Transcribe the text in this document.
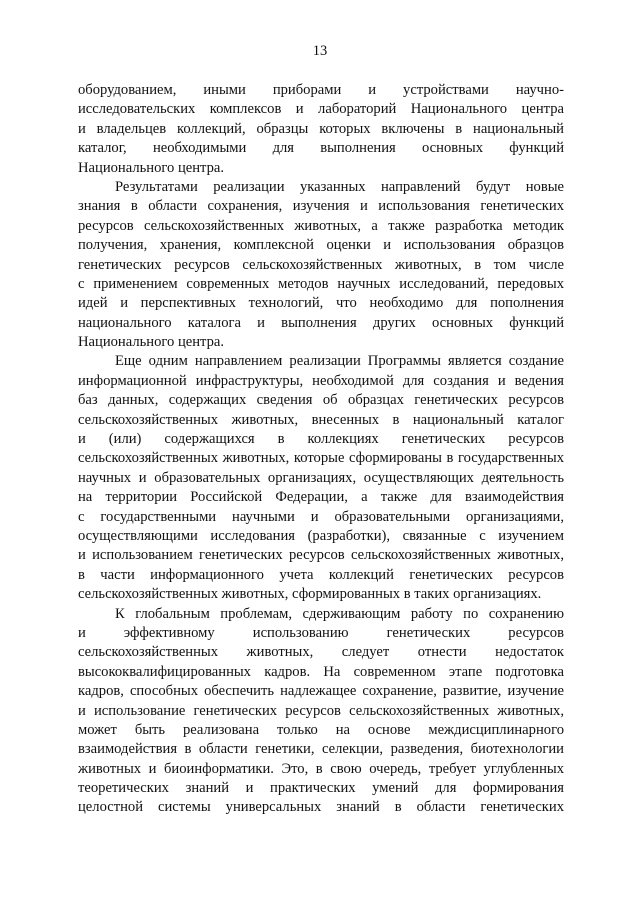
13
оборудованием, иными приборами и устройствами научно-
исследовательских комплексов и лабораторий Национального центра
и владельцев коллекций, образцы которых включены в национальный
каталог, необходимыми для выполнения основных функций
Национального центра.
Результатами реализации указанных направлений будут новые
знания в области сохранения, изучения и использования генетических
ресурсов сельскохозяйственных животных, а также разработка методик
получения, хранения, комплексной оценки и использования образцов
генетических ресурсов сельскохозяйственных животных, в том числе
с применением современных методов научных исследований, передовых
идей и перспективных технологий, что необходимо для пополнения
национального каталога и выполнения других основных функций
Национального центра.
Еще одним направлением реализации Программы является создание
информационной инфраструктуры, необходимой для создания и ведения
баз данных, содержащих сведения об образцах генетических ресурсов
сельскохозяйственных животных, внесенных в национальный каталог
и (или) содержащихся в коллекциях генетических ресурсов
сельскохозяйственных животных, которые сформированы в государственных
научных и образовательных организациях, осуществляющих деятельность
на территории Российской Федерации, а также для взаимодействия
с государственными научными и образовательными организациями,
осуществляющими исследования (разработки), связанные с изучением
и использованием генетических ресурсов сельскохозяйственных животных,
в части информационного учета коллекций генетических ресурсов
сельскохозяйственных животных, сформированных в таких организациях.
К глобальным проблемам, сдерживающим работу по сохранению
и эффективному использованию генетических ресурсов
сельскохозяйственных животных, следует отнести недостаток
высококвалифицированных кадров. На современном этапе подготовка
кадров, способных обеспечить надлежащее сохранение, развитие, изучение
и использование генетических ресурсов сельскохозяйственных животных,
может быть реализована только на основе междисциплинарного
взаимодействия в области генетики, селекции, разведения, биотехнологии
животных и биоинформатики. Это, в свою очередь, требует углубленных
теоретических знаний и практических умений для формирования
целостной системы универсальных знаний в области генетических
